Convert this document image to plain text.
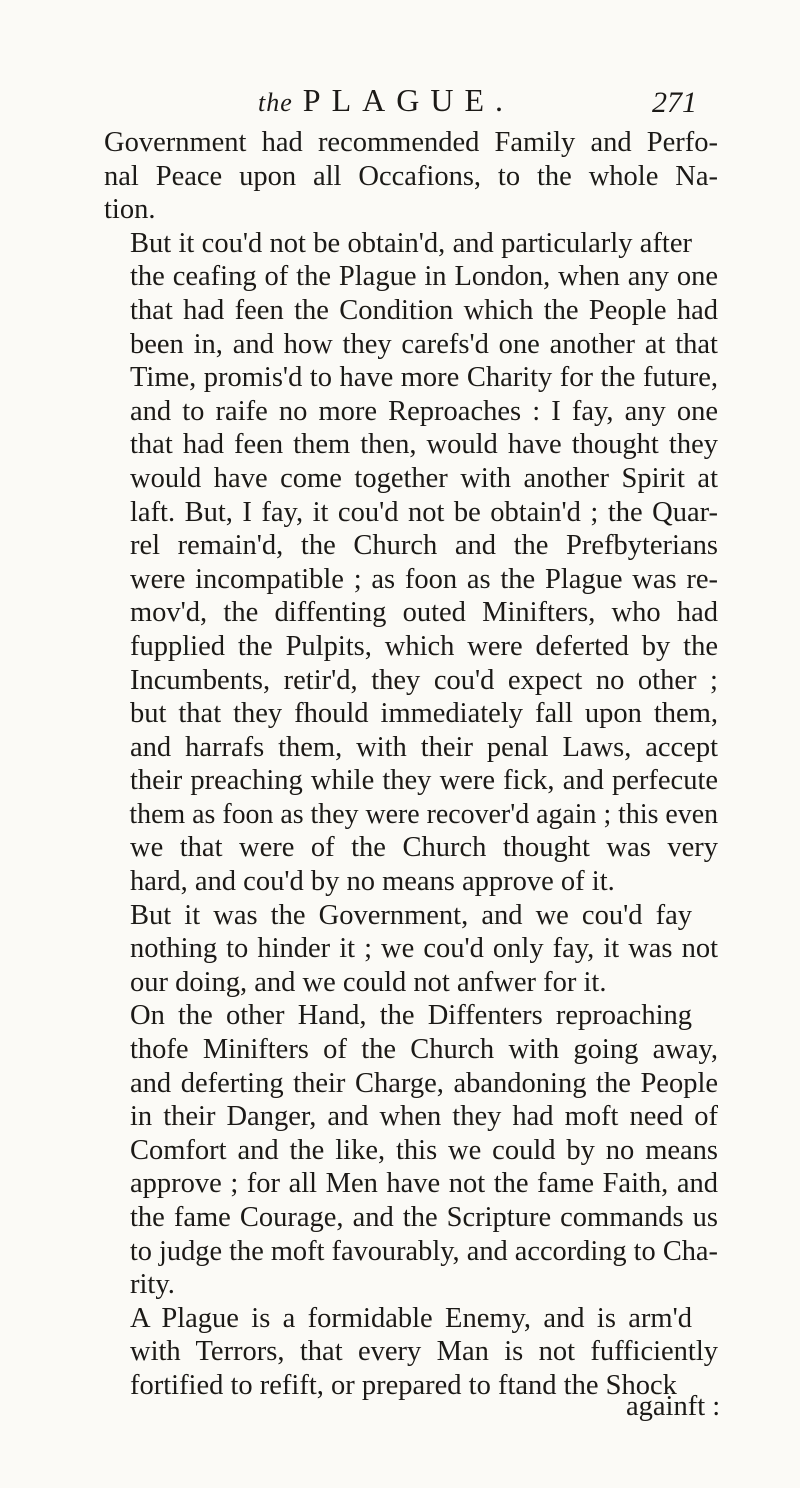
the PLAGUE.	271

Government had recommended Family and Perfo-
nal Peace upon all Occafions, to the whole Na-
tion.

But it cou'd not be obtain'd, and particularly after
the ceafing of the Plague in London, when any one
that had feen the Condition which the People had
been in, and how they carefs'd one another at that
Time, promis'd to have more Charity for the future,
and to raife no more Reproaches : I fay, any one
that had feen them then, would have thought they
would have come together with another Spirit at
laft. But, I fay, it cou'd not be obtain'd ; the Quar-
rel remain'd, the Church and the Prefbyterians
were incompatible ; as foon as the Plague was re-
mov'd, the diffenting outed Minifters, who had
fupplied the Pulpits, which were deferted by the
Incumbents, retir'd, they cou'd expect no other ;
but that they fhould immediately fall upon them,
and harrafs them, with their penal Laws, accept
their preaching while they were fick, and perfecute
them as foon as they were recover'd again ; this even
we that were of the Church thought was very
hard, and cou'd by no means approve of it.

But it was the Government, and we cou'd fay
nothing to hinder it ; we cou'd only fay, it was not
our doing, and we could not anfwer for it.

On the other Hand, the Diffenters reproaching
thofe Minifters of the Church with going away,
and deferting their Charge, abandoning the People
in their Danger, and when they had moft need of
Comfort and the like, this we could by no means
approve ; for all Men have not the fame Faith, and
the fame Courage, and the Scripture commands us
to judge the moft favourably, and according to Cha-
rity.

A Plague is a formidable Enemy, and is arm'd
with Terrors, that every Man is not fufficiently
fortified to refift, or prepared to ftand the Shock

againft :
